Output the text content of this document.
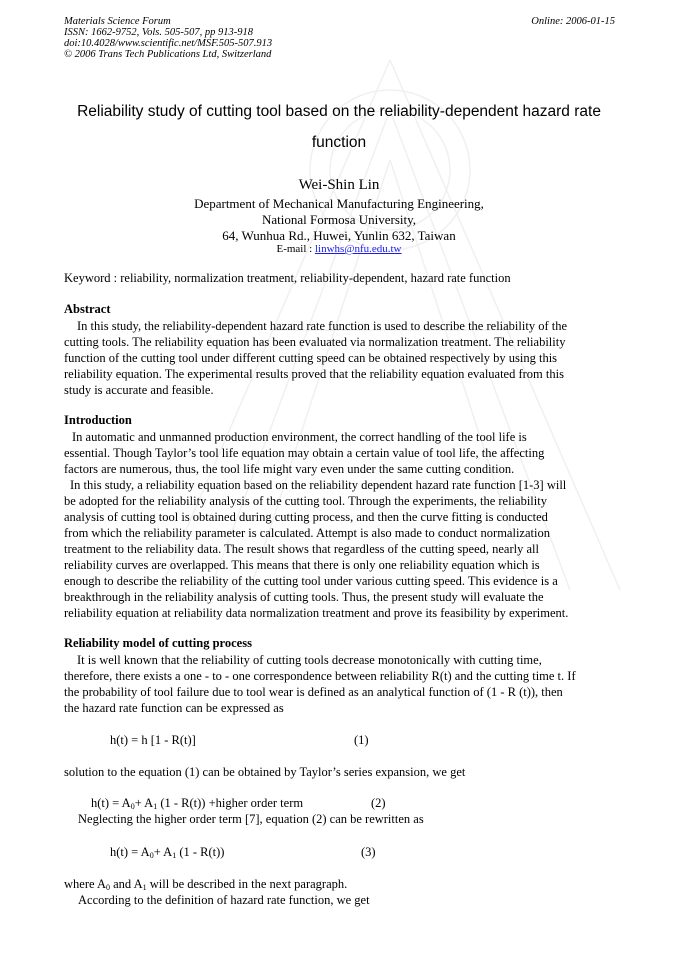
Materials Science Forum
ISSN: 1662-9752, Vols. 505-507, pp 913-918
doi:10.4028/www.scientific.net/MSF.505-507.913
© 2006 Trans Tech Publications Ltd, Switzerland
Online: 2006-01-15
Reliability study of cutting tool based on the reliability-dependent hazard rate
function
Wei-Shin Lin
Department of Mechanical Manufacturing Engineering,
National Formosa University,
64, Wunhua Rd., Huwei, Yunlin 632, Taiwan
E-mail : linwhs@nfu.edu.tw
Keyword : reliability, normalization treatment, reliability-dependent, hazard rate function
Abstract
In this study, the reliability-dependent hazard rate function is used to describe the reliability of the
cutting tools. The reliability equation has been evaluated via normalization treatment. The reliability
function of the cutting tool under different cutting speed can be obtained respectively by using this
reliability equation. The experimental results proved that the reliability equation evaluated from this
study is accurate and feasible.
Introduction
In automatic and unmanned production environment, the correct handling of the tool life is
essential. Though Taylor’s tool life equation may obtain a certain value of tool life, the affecting
factors are numerous, thus, the tool life might vary even under the same cutting condition.
In this study, a reliability equation based on the reliability dependent hazard rate function [1-3] will
be adopted for the reliability analysis of the cutting tool. Through the experiments, the reliability
analysis of cutting tool is obtained during cutting process, and then the curve fitting is conducted
from which the reliability parameter is calculated. Attempt is also made to conduct normalization
treatment to the reliability data. The result shows that regardless of the cutting speed, nearly all
reliability curves are overlapped. This means that there is only one reliability equation which is
enough to describe the reliability of the cutting tool under various cutting speed. This evidence is a
breakthrough in the reliability analysis of cutting tools. Thus, the present study will evaluate the
reliability equation at reliability data normalization treatment and prove its feasibility by experiment.
Reliability model of cutting process
It is well known that the reliability of cutting tools decrease monotonically with cutting time,
therefore, there exists a one - to - one correspondence between reliability R(t) and the cutting time t. If
the probability of tool failure due to tool wear is defined as an analytical function of (1 - R (t)), then
the hazard rate function can be expressed as
h(t) = h [1 - R(t)]	(1)
solution to the equation (1) can be obtained by Taylor’s series expansion, we get
$h(t) = A_0+ A_1$ (1 - R(t)) +higher order term	(2)
Neglecting the higher order term [7], equation (2) can be rewritten as
$h(t) = A_0+ A_1$ (1 - R(t))	(3)
where $A_0$ and $A_1$ will be described in the next paragraph.
According to the definition of hazard rate function, we get
